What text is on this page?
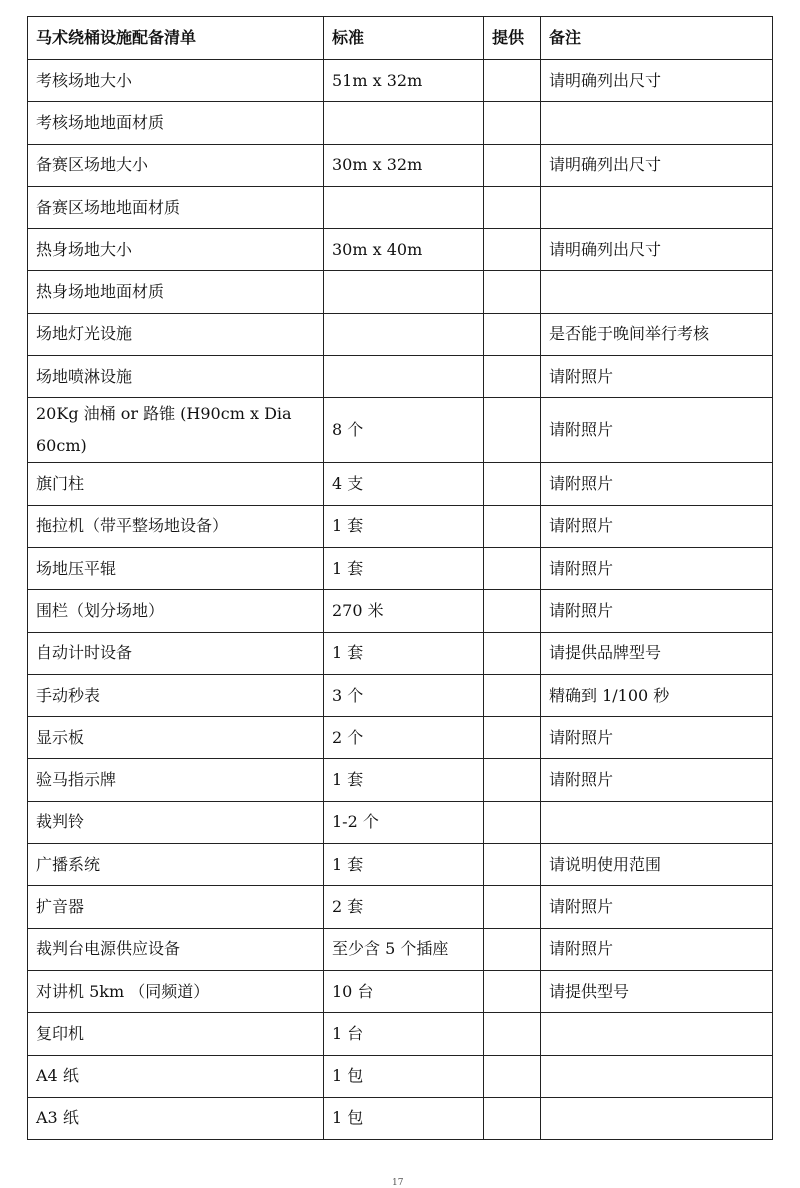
马术绕桶设施配备清单	标准	提供	备注
考核场地大小	51m x 32m		请明确列出尺寸
考核场地地面材质			
备赛区场地大小	30m x 32m		请明确列出尺寸
备赛区场地地面材质			
热身场地大小	30m x 40m		请明确列出尺寸
热身场地地面材质			
场地灯光设施			是否能于晚间举行考核
场地喷淋设施			请附照片
20Kg 油桶 or 路锥 (H90cm x Dia 60cm)	8 个		请附照片
旗门柱	4 支		请附照片
拖拉机（带平整场地设备）	1 套		请附照片
场地压平辊	1 套		请附照片
围栏（划分场地）	270 米		请附照片
自动计时设备	1 套		请提供品牌型号
手动秒表	3 个		精确到 1/100 秒
显示板	2 个		请附照片
验马指示牌	1 套		请附照片
裁判铃	1-2 个		
广播系统	1 套		请说明使用范围
扩音器	2 套		请附照片
裁判台电源供应设备	至少含 5 个插座		请附照片
对讲机 5km （同频道）	10 台		请提供型号
复印机	1 台		
A4 纸	1 包		
A3 纸	1 包		
17
